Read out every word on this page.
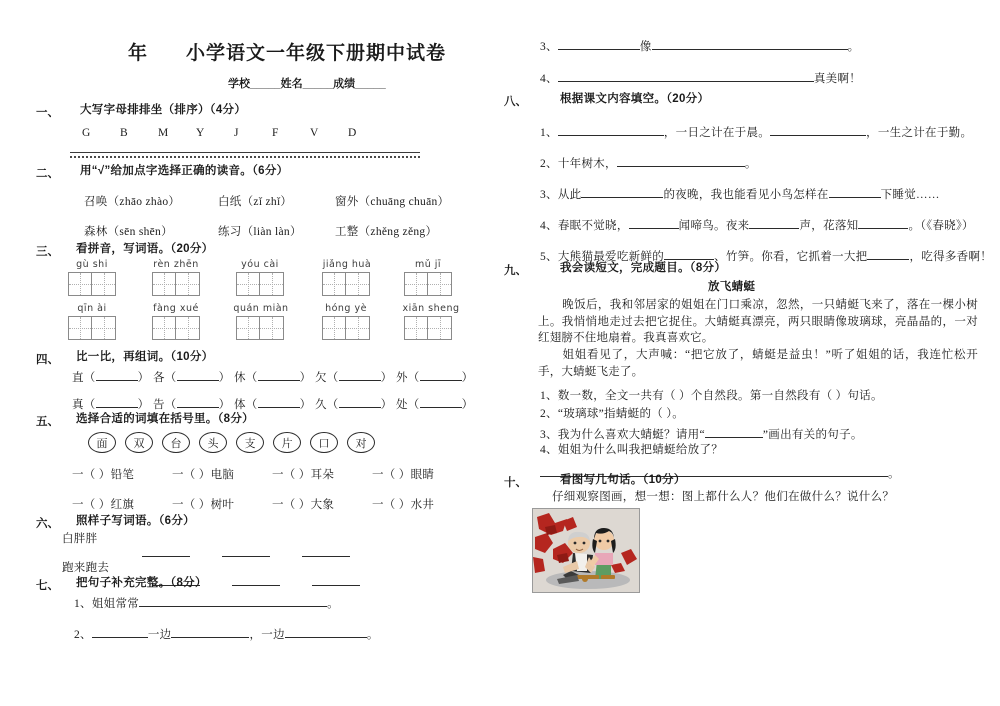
年 小学语文一年级下册期中试卷
学校_____姓名_____成绩_____
一、 大写字母排排坐（排序）（4分）
G	B	M Y	J	F	V	D
二、 用“√”给加点字选择正确的读音。（6分）
召唤（zhāo zhào）	白纸（zǐ zhǐ）	窗外（chuāng chuān）
森林（sēn shēn）	练习（liàn làn）	工整（zhěng zěng）
三、 看拼音，写词语。（20分）
gù shi	rèn zhēn	yóu cài	jiǎng huà	mǔ jī
qīn ài	fàng xué	quán miàn	hóng yè	xiān sheng
四、 比一比，再组词。（10分）
直（	） 各（	） 休（	） 欠（	） 外（	）
真（	） 告（	） 体（	） 久（	） 处（	）
五、 选择合适的词填在括号里。（8分）
面	双	台	头	支	片	口	对
一（ ）铅笔	一（ ）电脑	一（ ）耳朵	一（ ）眼睛
一（ ）红旗	一（ ）树叶	一（ ）大象	一（ ）水井
六、 照样子写词语。（6分）
白胖胖
跑来跑去
七、 把句子补充完整。（8分）
1、姐姐常常	。
2、	一边	，一边	。
3、	像	。
4、	真美啊！
八、	根据课文内容填空。（20分）
1、	，一日之计在于晨。	，一生之计在于勤。
2、十年树木，	。
3、从此	的夜晚，我也能看见小鸟怎样在	下睡觉……
4、春眠不觉晓，	闻啼鸟。夜来	声，花落知	。（《春晓》）
5、大熊猫最爱吃新鲜的	、竹笋。你看，它抓着一大把	，吃得多香啊！
九、	我会读短文，完成题目。（8分）
放飞蜻蜓
晚饭后，我和邻居家的姐姐在门口乘凉，忽然，一只蜻蜓飞来了，落在一棵小树上。我悄悄地走过去把它捉住。大蜻蜓真漂亮，两只眼睛像玻璃球，亮晶晶的，一对红翅膀不住地扇着。我真喜欢它。
姐姐看见了，大声喊：“把它放了，蜻蜓是益虫！”听了姐姐的话，我连忙松开手，大蜻蜓飞走了。
1、数一数，全文一共有（ ）个自然段。第一自然段有（ ）句话。
2、“玻璃球”指蜻蜓的（ ）。
3、我为什么喜欢大蜻蜓？请用“	”画出有关的句子。
4、姐姐为什么叫我把蜻蜓给放了？
。
十、	看图写几句话。（10分）
仔细观察图画，想一想：图上都什么人？他们在做什么？说什么？
